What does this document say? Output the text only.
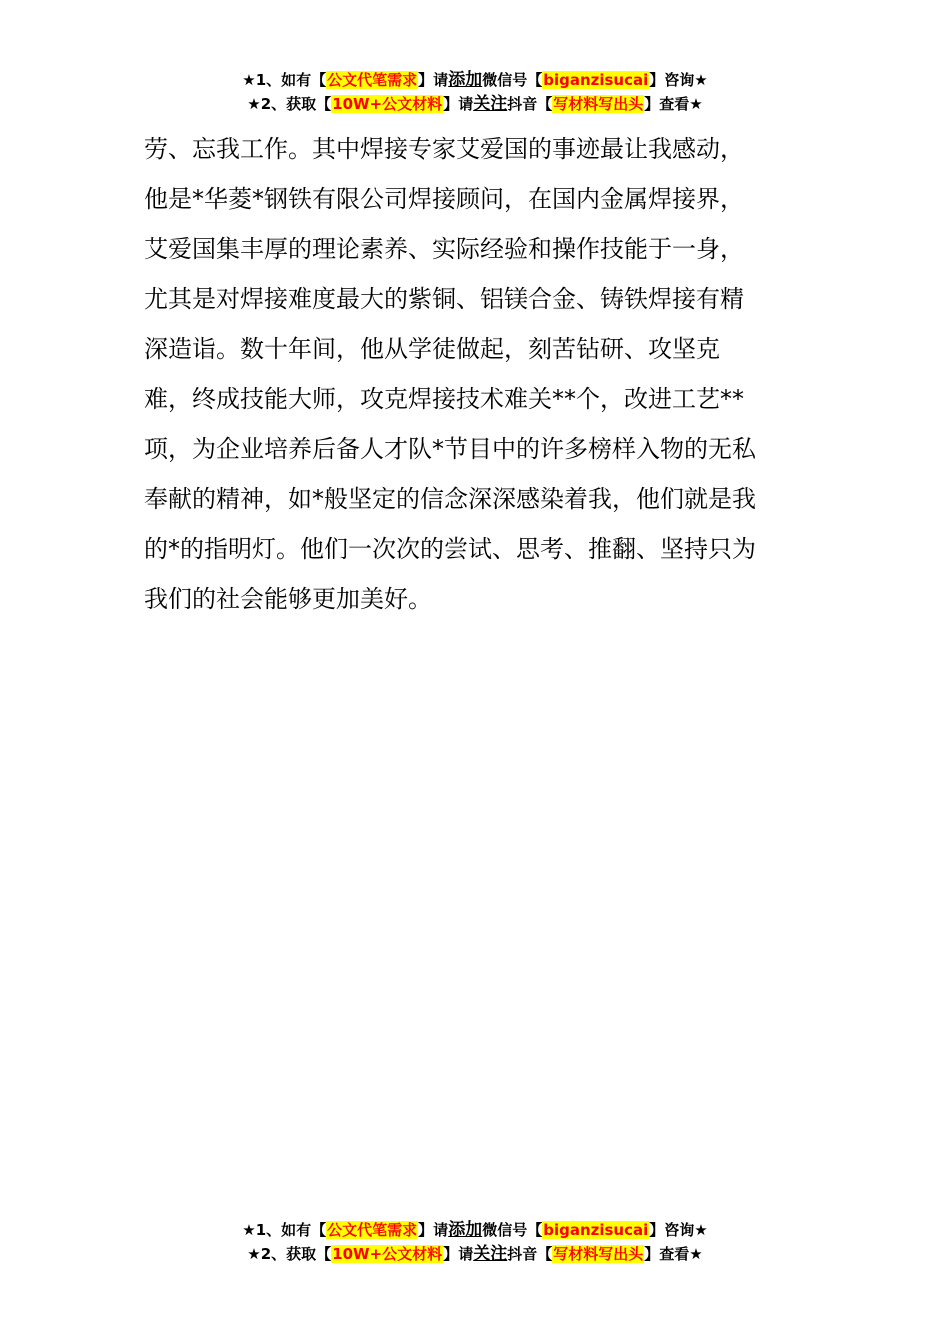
★1、如有【公文代笔需求】请添加微信号【biganzisucai】咨询★
★2、获取【10W+公文材料】请关注抖音【写材料写出头】查看★
劳、忘我工作。其中焊接专家艾爱国的事迹最让我感动，
他是*华菱*钢铁有限公司焊接顾问，在国内金属焊接界，
艾爱国集丰厚的理论素养、实际经验和操作技能于一身，
尤其是对焊接难度最大的紫铜、铝镁合金、铸铁焊接有精
深造诣。数十年间，他从学徒做起，刻苦钻研、攻坚克
难，终成技能大师，攻克焊接技术难关**个，改进工艺**
项，为企业培养后备人才队*节目中的许多榜样入物的无私
奉献的精神，如*般坚定的信念深深感染着我，他们就是我
的*的指明灯。他们一次次的尝试、思考、推翻、坚持只为
我们的社会能够更加美好。
★1、如有【公文代笔需求】请添加微信号【biganzisucai】咨询★
★2、获取【10W+公文材料】请关注抖音【写材料写出头】查看★
